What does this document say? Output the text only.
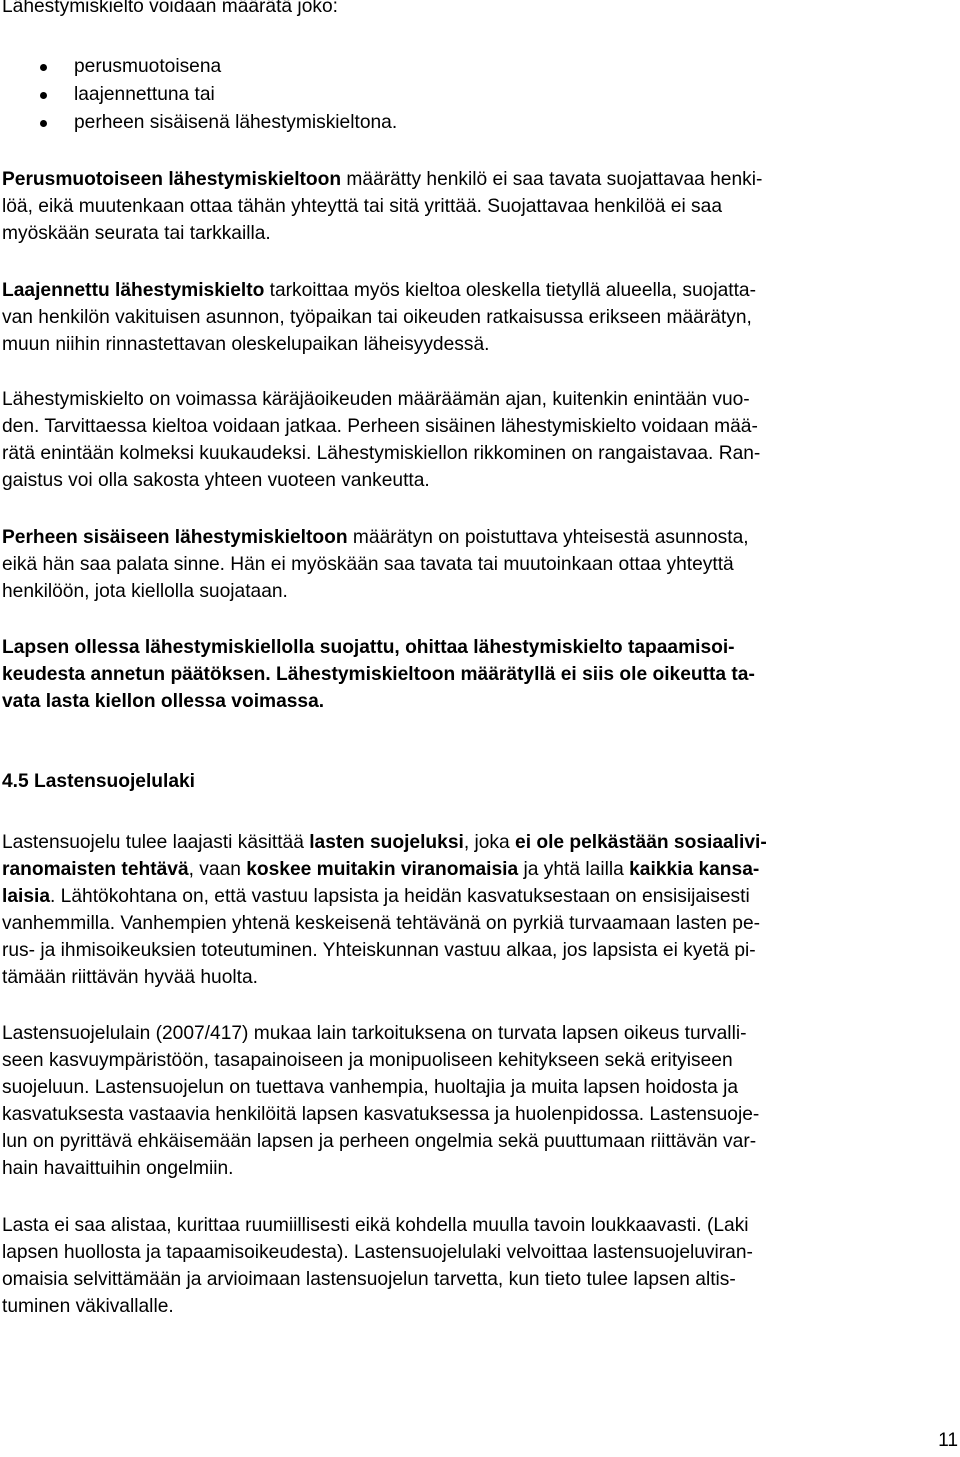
Lähestymiskielto voidaan määrätä joko:

perusmuotoisena
laajennettuna tai
perheen sisäisenä lähestymiskieltona.

Perusmuotoiseen lähestymiskieltoon määrätty henkilö ei saa tavata suojattavaa henki-

löä, eikä muutenkaan ottaa tähän yhteyttä tai sitä yrittää. Suojattavaa henkilöä ei saa

myöskään seurata tai tarkkailla.

Laajennettu lähestymiskielto tarkoittaa myös kieltoa oleskella tietyllä alueella, suojatta-

van henkilön vakituisen asunnon, työpaikan tai oikeuden ratkaisussa erikseen määrätyn,

muun niihin rinnastettavan oleskelupaikan läheisyydessä.

Lähestymiskielto on voimassa käräjäoikeuden määräämän ajan, kuitenkin enintään vuo-

den. Tarvittaessa kieltoa voidaan jatkaa. Perheen sisäinen lähestymiskielto voidaan mää-

rätä enintään kolmeksi kuukaudeksi. Lähestymiskiellon rikkominen on rangaistavaa. Ran-

gaistus voi olla sakosta yhteen vuoteen vankeutta.

Perheen sisäiseen lähestymiskieltoon määrätyn on poistuttava yhteisestä asunnosta,

eikä hän saa palata sinne. Hän ei myöskään saa tavata tai muutoinkaan ottaa yhteyttä

henkilöön, jota kiellolla suojataan.

Lapsen ollessa lähestymiskiellolla suojattu, ohittaa lähestymiskielto tapaamisoi-

keudesta annetun päätöksen. Lähestymiskieltoon määrätyllä ei siis ole oikeutta ta-

vata lasta kiellon ollessa voimassa.

4.5 Lastensuojelulaki

Lastensuojelu tulee laajasti käsittää lasten suojeluksi, joka ei ole pelkästään sosiaalivi-

ranomaisten tehtävä, vaan koskee muitakin viranomaisia ja yhtä lailla kaikkia kansa-

laisia. Lähtökohtana on, että vastuu lapsista ja heidän kasvatuksestaan on ensisijaisesti

vanhemmilla. Vanhempien yhtenä keskeisenä tehtävänä on pyrkiä turvaamaan lasten pe-

rus- ja ihmisoikeuksien toteutuminen. Yhteiskunnan vastuu alkaa, jos lapsista ei kyetä pi-

tämään riittävän hyvää huolta.

Lastensuojelulain (2007/417) mukaa lain tarkoituksena on turvata lapsen oikeus turvalli-

seen kasvuympäristöön, tasapainoiseen ja monipuoliseen kehitykseen sekä erityiseen

suojeluun. Lastensuojelun on tuettava vanhempia, huoltajia ja muita lapsen hoidosta ja

kasvatuksesta vastaavia henkilöitä lapsen kasvatuksessa ja huolenpidossa. Lastensuoje-

lun on pyrittävä ehkäisemään lapsen ja perheen ongelmia sekä puuttumaan riittävän var-

hain havaittuihin ongelmiin.

Lasta ei saa alistaa, kurittaa ruumiillisesti eikä kohdella muulla tavoin loukkaavasti. (Laki

lapsen huollosta ja tapaamisoikeudesta). Lastensuojelulaki velvoittaa lastensuojeluviran-

omaisia selvittämään ja arvioimaan lastensuojelun tarvetta, kun tieto tulee lapsen altis-

tuminen väkivallalle.

11
